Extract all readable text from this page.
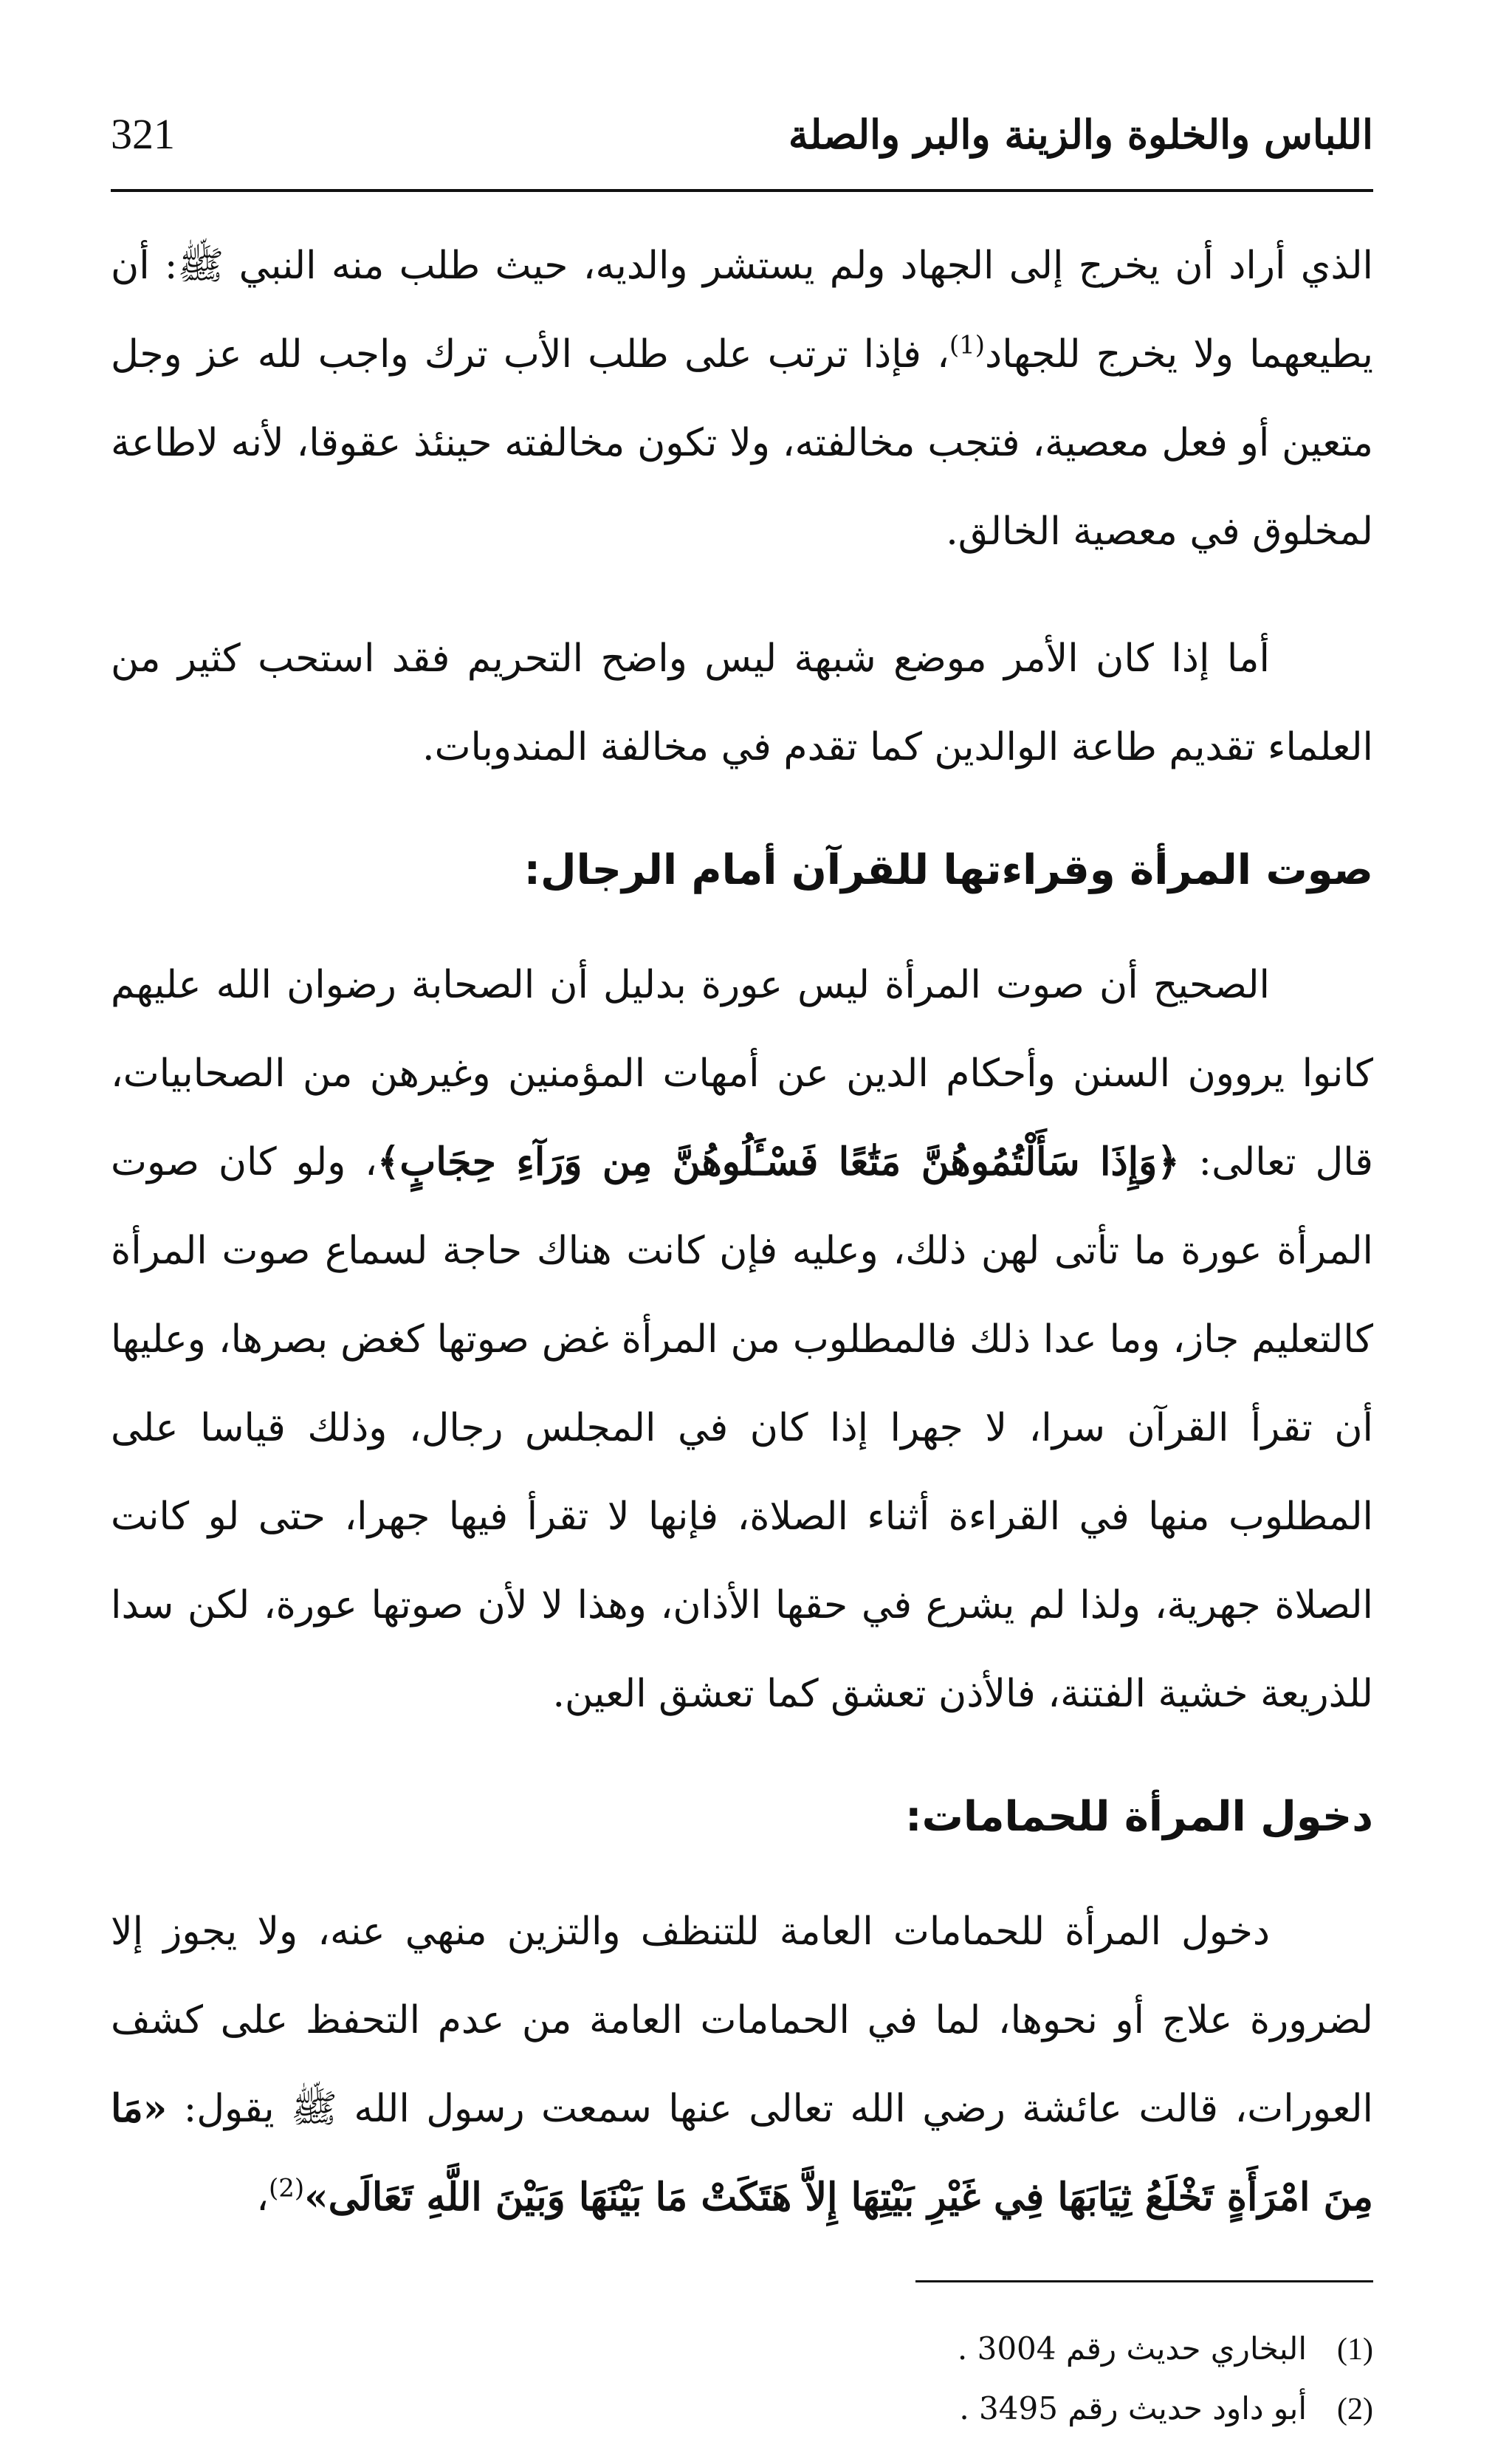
اللباس والخلوة والزينة والبر والصلة
321

الذي أراد أن يخرج إلى الجهاد ولم يستشر والديه، حيث طلب منه النبي ﷺ: أن يطيعهما ولا يخرج للجهاد$^{(1)}$، فإذا ترتب على طلب الأب ترك واجب لله عز وجل متعين أو فعل معصية، فتجب مخالفته، ولا تكون مخالفته حينئذ عقوقا، لأنه لاطاعة لمخلوق في معصية الخالق.

أما إذا كان الأمر موضع شبهة ليس واضح التحريم فقد استحب كثير من العلماء تقديم طاعة الوالدين كما تقدم في مخالفة المندوبات.

صوت المرأة وقراءتها للقرآن أمام الرجال:

الصحيح أن صوت المرأة ليس عورة بدليل أن الصحابة رضوان الله عليهم كانوا يروون السنن وأحكام الدين عن أمهات المؤمنين وغيرهن من الصحابيات، قال تعالى: ﴿وَإِذَا سَأَلْتُمُوهُنَّ مَتَٰعًا فَسْـَٔلُوهُنَّ مِن وَرَآءِ حِجَابٍ﴾، ولو كان صوت المرأة عورة ما تأتى لهن ذلك، وعليه فإن كانت هناك حاجة لسماع صوت المرأة كالتعليم جاز، وما عدا ذلك فالمطلوب من المرأة غض صوتها كغض بصرها، وعليها أن تقرأ القرآن سرا، لا جهرا إذا كان في المجلس رجال، وذلك قياسا على المطلوب منها في القراءة أثناء الصلاة، فإنها لا تقرأ فيها جهرا، حتى لو كانت الصلاة جهرية، ولذا لم يشرع في حقها الأذان، وهذا لا لأن صوتها عورة، لكن سدا للذريعة خشية الفتنة، فالأذن تعشق كما تعشق العين.

دخول المرأة للحمامات:

دخول المرأة للحمامات العامة للتنظف والتزين منهي عنه، ولا يجوز إلا لضرورة علاج أو نحوها، لما في الحمامات العامة من عدم التحفظ على كشف العورات، قالت عائشة رضي الله تعالى عنها سمعت رسول الله ﷺ يقول: «مَا مِنَ امْرَأَةٍ تَخْلَعُ ثِيَابَهَا فِي غَيْرِ بَيْتِهَا إِلاَّ هَتَكَتْ مَا بَيْنَهَا وَبَيْنَ اللَّهِ تَعَالَى»$^{(2)}$،

(1)
البخاري حديث رقم 3004 .
(2)
أبو داود حديث رقم 3495 .
